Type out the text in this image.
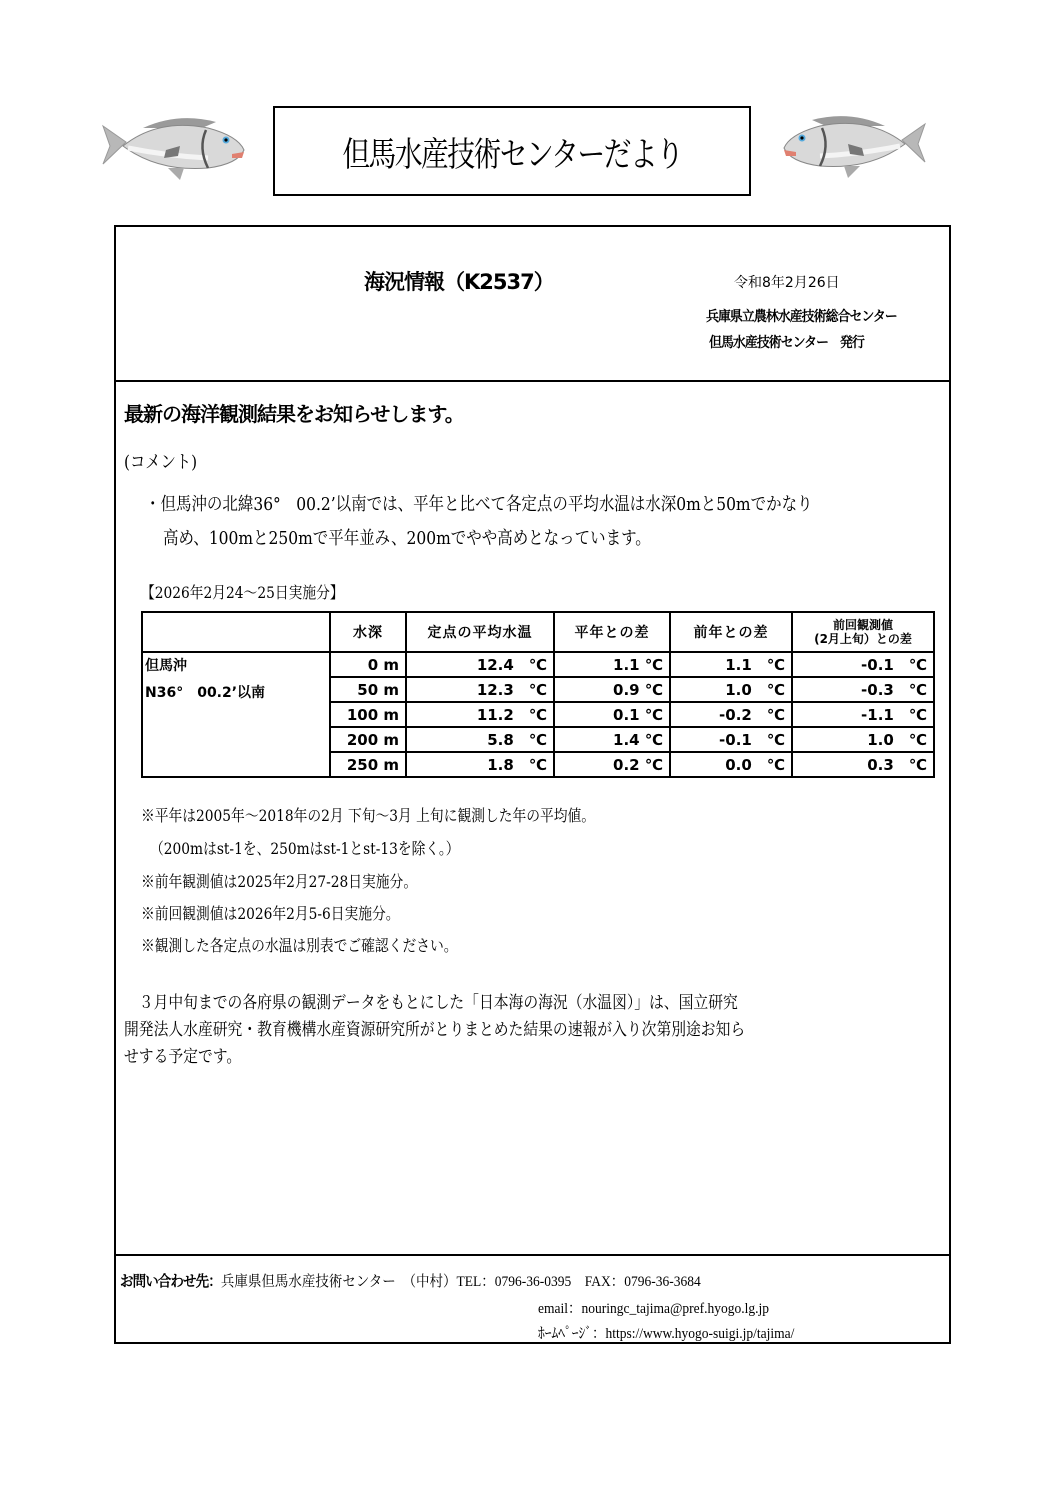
但馬水産技術センターだより
海況情報（K2537）	令和8年2月26日
兵庫県立農林水産技術総合センター
但馬水産技術センター　発行
最新の海洋観測結果をお知らせします。
(コメント)
・但馬沖の北緯36°　00.2’以南では、平年と比べて各定点の平均水温は水深0mと50mでかなり
高め、100mと250mで平年並み、200mでやや高めとなっています。
【2026年2月24～25日実施分】
	水深	定点の平均水温	平年との差	前年との差	前回観測値
(2月上旬）との差

但馬沖
N36°　00.2’以南	0 m	12.4　℃	1.1 ℃	1.1　℃	-0.1　℃
	50 m	12.3　℃	0.9 ℃	1.0　℃	-0.3　℃
	100 m	11.2　℃	0.1 ℃	-0.2　℃	-1.1　℃
	200 m	5.8　℃	1.4 ℃	-0.1　℃	1.0　℃
	250 m	1.8　℃	0.2 ℃	0.0　℃	0.3　℃
※平年は2005年～2018年の2月 下旬～3月 上旬に観測した年の平均値。
（200mはst-1を、250mはst-1とst-13を除く。）
※前年観測値は2025年2月27-28日実施分。
※前回観測値は2026年2月5-6日実施分。
※観測した各定点の水温は別表でご確認ください。
　３月中旬までの各府県の観測データをもとにした「日本海の海況（水温図）」は、国立研究
開発法人水産研究・教育機構水産資源研究所がとりまとめた結果の速報が入り次第別途お知ら
せする予定です。
お問い合わせ先：兵庫県但馬水産技術センター　（中村）TEL：0796-36-0395　FAX：0796-36-3684
email：nouringc_tajima@pref.hyogo.lg.jp
ﾎｰﾑﾍﾟｰｼﾞ：https://www.hyogo-suigi.jp/tajima/
